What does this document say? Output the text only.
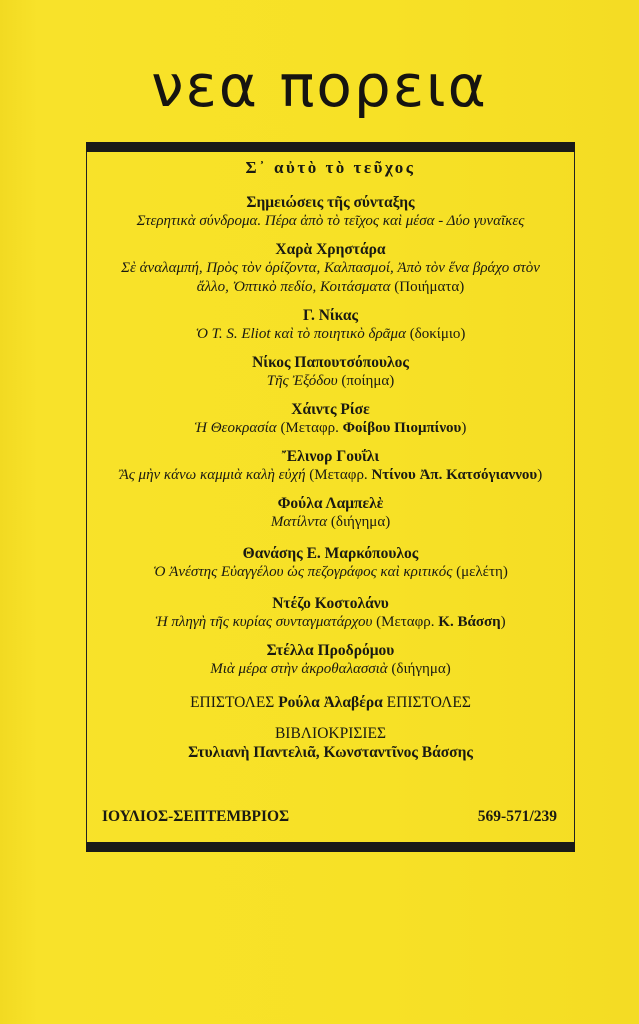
νεα πορεια
Σ᾿ αὐτὸ τὸ τεῦχος
Σημειώσεις τῆς σύνταξης
Στερητικὰ σύνδρομα. Πέρα ἀπὸ τὸ τεῖχος καὶ μέσα - Δύο γυναῖκες
Χαρὰ Χρηστάρα
Σὲ ἀναλαμπή, Πρὸς τὸν ὁρίζοντα, Καλπασμοί, Ἀπὸ τὸν ἕνα βράχο στὸν ἄλλο, Ὀπτικὸ πεδίο, Κοιτάσματα (Ποιήματα)
Γ. Νίκας
Ὁ T. S. Eliot καὶ τὸ ποιητικὸ δρᾶμα (δοκίμιο)
Νίκος Παπουτσόπουλος
Τῆς Ἐξόδου (ποίημα)
Χάιντς Ρίσε
Ἡ Θεοκρασία (Μεταφρ. Φοίβου Πιομπίνου)
Ἔλινορ Γουΐλι
Ἂς μὴν κάνω καμμιὰ καλὴ εὐχή (Μεταφρ. Ντίνου Ἀπ. Κατσόγιαννου)
Φούλα Λαμπελὲ
Ματίλντα (διήγημα)
Θανάσης Ε. Μαρκόπουλος
Ὁ Ἀνέστης Εὐαγγέλου ὡς πεζογράφος καὶ κριτικός (μελέτη)
Ντέζο Κοστολάνυ
Ἡ πληγὴ τῆς κυρίας συνταγματάρχου (Μεταφρ. Κ. Βάσση)
Στέλλα Προδρόμου
Μιὰ μέρα στὴν ἀκροθαλασσιὰ (διήγημα)
ΕΠΙΣΤΟΛΕΣ Ρούλα Ἀλαβέρα ΕΠΙΣΤΟΛΕΣ
ΒΙΒΛΙΟΚΡΙΣΙΕΣ
Στυλιανὴ Παντελιᾶ, Κωνσταντῖνος Βάσσης
ΙΟΥΛΙΟΣ-ΣΕΠΤΕΜΒΡΙΟΣ	569-571/239
